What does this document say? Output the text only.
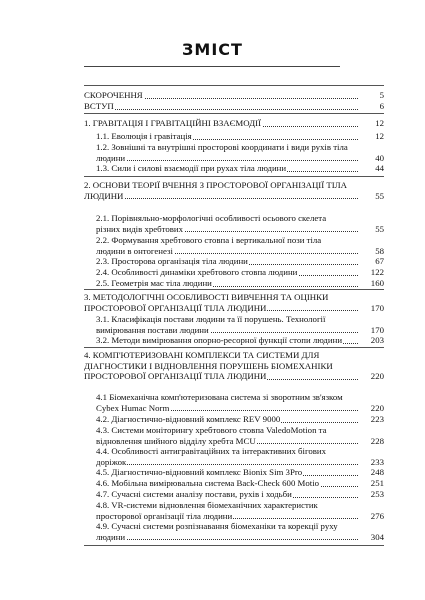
ЗМІСТ
СКОРОЧЕННЯ	5
ВСТУП	6
1. ГРАВІТАЦІЯ І ГРАВІТАЦІЙНІ ВЗАЄМОДІЇ	12
1.1. Еволюція і гравітація	12
1.2. Зовнішні та внутрішні просторові координати і види рухів тіла
людини	40
1.3. Сили і силові взаємодії при рухах тіла людини	44
2. ОСНОВИ ТЕОРІЇ ВЧЕННЯ З ПРОСТОРОВОЇ ОРГАНІЗАЦІЇ ТІЛА
ЛЮДИНИ	55
2.1. Порівняльно-морфологічні особливості осьового скелета
різних видів хребтових	55
2.2. Формування хребтового стовпа і вертикальної пози тіла
людини в онтогенезі	58
2.3. Просторова організація тіла людини	67
2.4. Особливості динаміки хребтового стовпа людини	122
2.5. Геометрія мас тіла людини	160
3. МЕТОДОЛОГІЧНІ ОСОБЛИВОСТІ ВИВЧЕННЯ ТА ОЦІНКИ
ПРОСТОРОВОЇ ОРГАНІЗАЦІЇ ТІЛА ЛЮДИНИ	170
3.1. Класифікація постави людини та її порушень. Технології
вимірювання постави людини	170
3.2. Методи вимірювання опорно-ресорної функції стопи людини	203
4. КОМП'ЮТЕРИЗОВАНІ КОМПЛЕКСИ ТА СИСТЕМИ ДЛЯ
ДІАГНОСТИКИ І ВІДНОВЛЕННЯ ПОРУШЕНЬ БІОМЕХАНІКИ
ПРОСТОРОВОЇ ОРГАНІЗАЦІЇ ТІЛА ЛЮДИНИ	220
4.1 Біомеханічна комп'ютеризована система зі зворотним зв'язком
Cybex Humac Norm	220
4.2. Діагностично-відновний комплекс REV 9000	223
4.3. Системи моніторингу хребтового стовпа ValedoMotion та
відновлення шийного відділу хребта MCU	228
4.4. Особливості антигравітаційних та інтерактивних бігових
доріжок	233
4.5. Діагностично-відновний комплекс Bionix Sim 3Pro	248
4.6. Мобільна вимірювальна система Back-Check 600 Motio	251
4.7. Сучасні системи аналізу постави, рухів і ходьби	253
4.8. VR-системи відновлення біомеханічних характеристик
просторової організації тіла людини	276
4.9. Сучасні системи розпізнавання біомеханіки та корекції руху
людини	304
